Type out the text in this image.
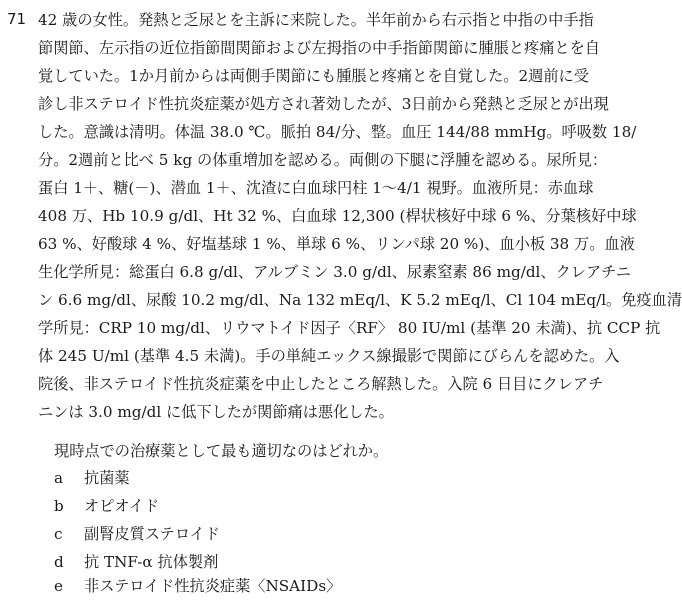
71 42 歳の女性。発熱と乏尿とを主訴に来院した。半年前から右示指と中指の中手指
節関節、左示指の近位指節間関節および左拇指の中手指節関節に腫脹と疼痛とを自
覚していた。1か月前からは両側手関節にも腫脹と疼痛とを自覚した。2週前に受
診し非ステロイド性抗炎症薬が処方され著効したが、3日前から発熱と乏尿とが出現
した。意識は清明。体温 38.0 ℃。脈拍 84/分、整。血圧 144/88 mmHg。呼吸数 18/
分。2週前と比べ 5 kg の体重増加を認める。両側の下腿に浮腫を認める。尿所見：
蛋白 1＋、糖(－)、潜血 1＋、沈渣に白血球円柱 1～4/1 視野。血液所見：赤血球
408 万、Hb 10.9 g/dl、Ht 32 %、白血球 12,300 (桿状核好中球 6 %、分葉核好中球
63 %、好酸球 4 %、好塩基球 1 %、単球 6 %、リンパ球 20 %)、血小板 38 万。血液
生化学所見：総蛋白 6.8 g/dl、アルブミン 3.0 g/dl、尿素窒素 86 mg/dl、クレアチニ
ン 6.6 mg/dl、尿酸 10.2 mg/dl、Na 132 mEq/l、K 5.2 mEq/l、Cl 104 mEq/l。免疫血清
学所見：CRP 10 mg/dl、リウマトイド因子〈RF〉 80 IU/ml (基準 20 未満)、抗 CCP 抗
体 245 U/ml (基準 4.5 未満)。手の単純エックス線撮影で関節にびらんを認めた。入
院後、非ステロイド性抗炎症薬を中止したところ解熱した。入院 6 日目にクレアチ
ニンは 3.0 mg/dl に低下したが関節痛は悪化した。
現時点での治療薬として最も適切なのはどれか。
a 抗菌薬
b オピオイド
c 副腎皮質ステロイド
d 抗 TNF-α 抗体製剤
e 非ステロイド性抗炎症薬〈NSAIDs〉
